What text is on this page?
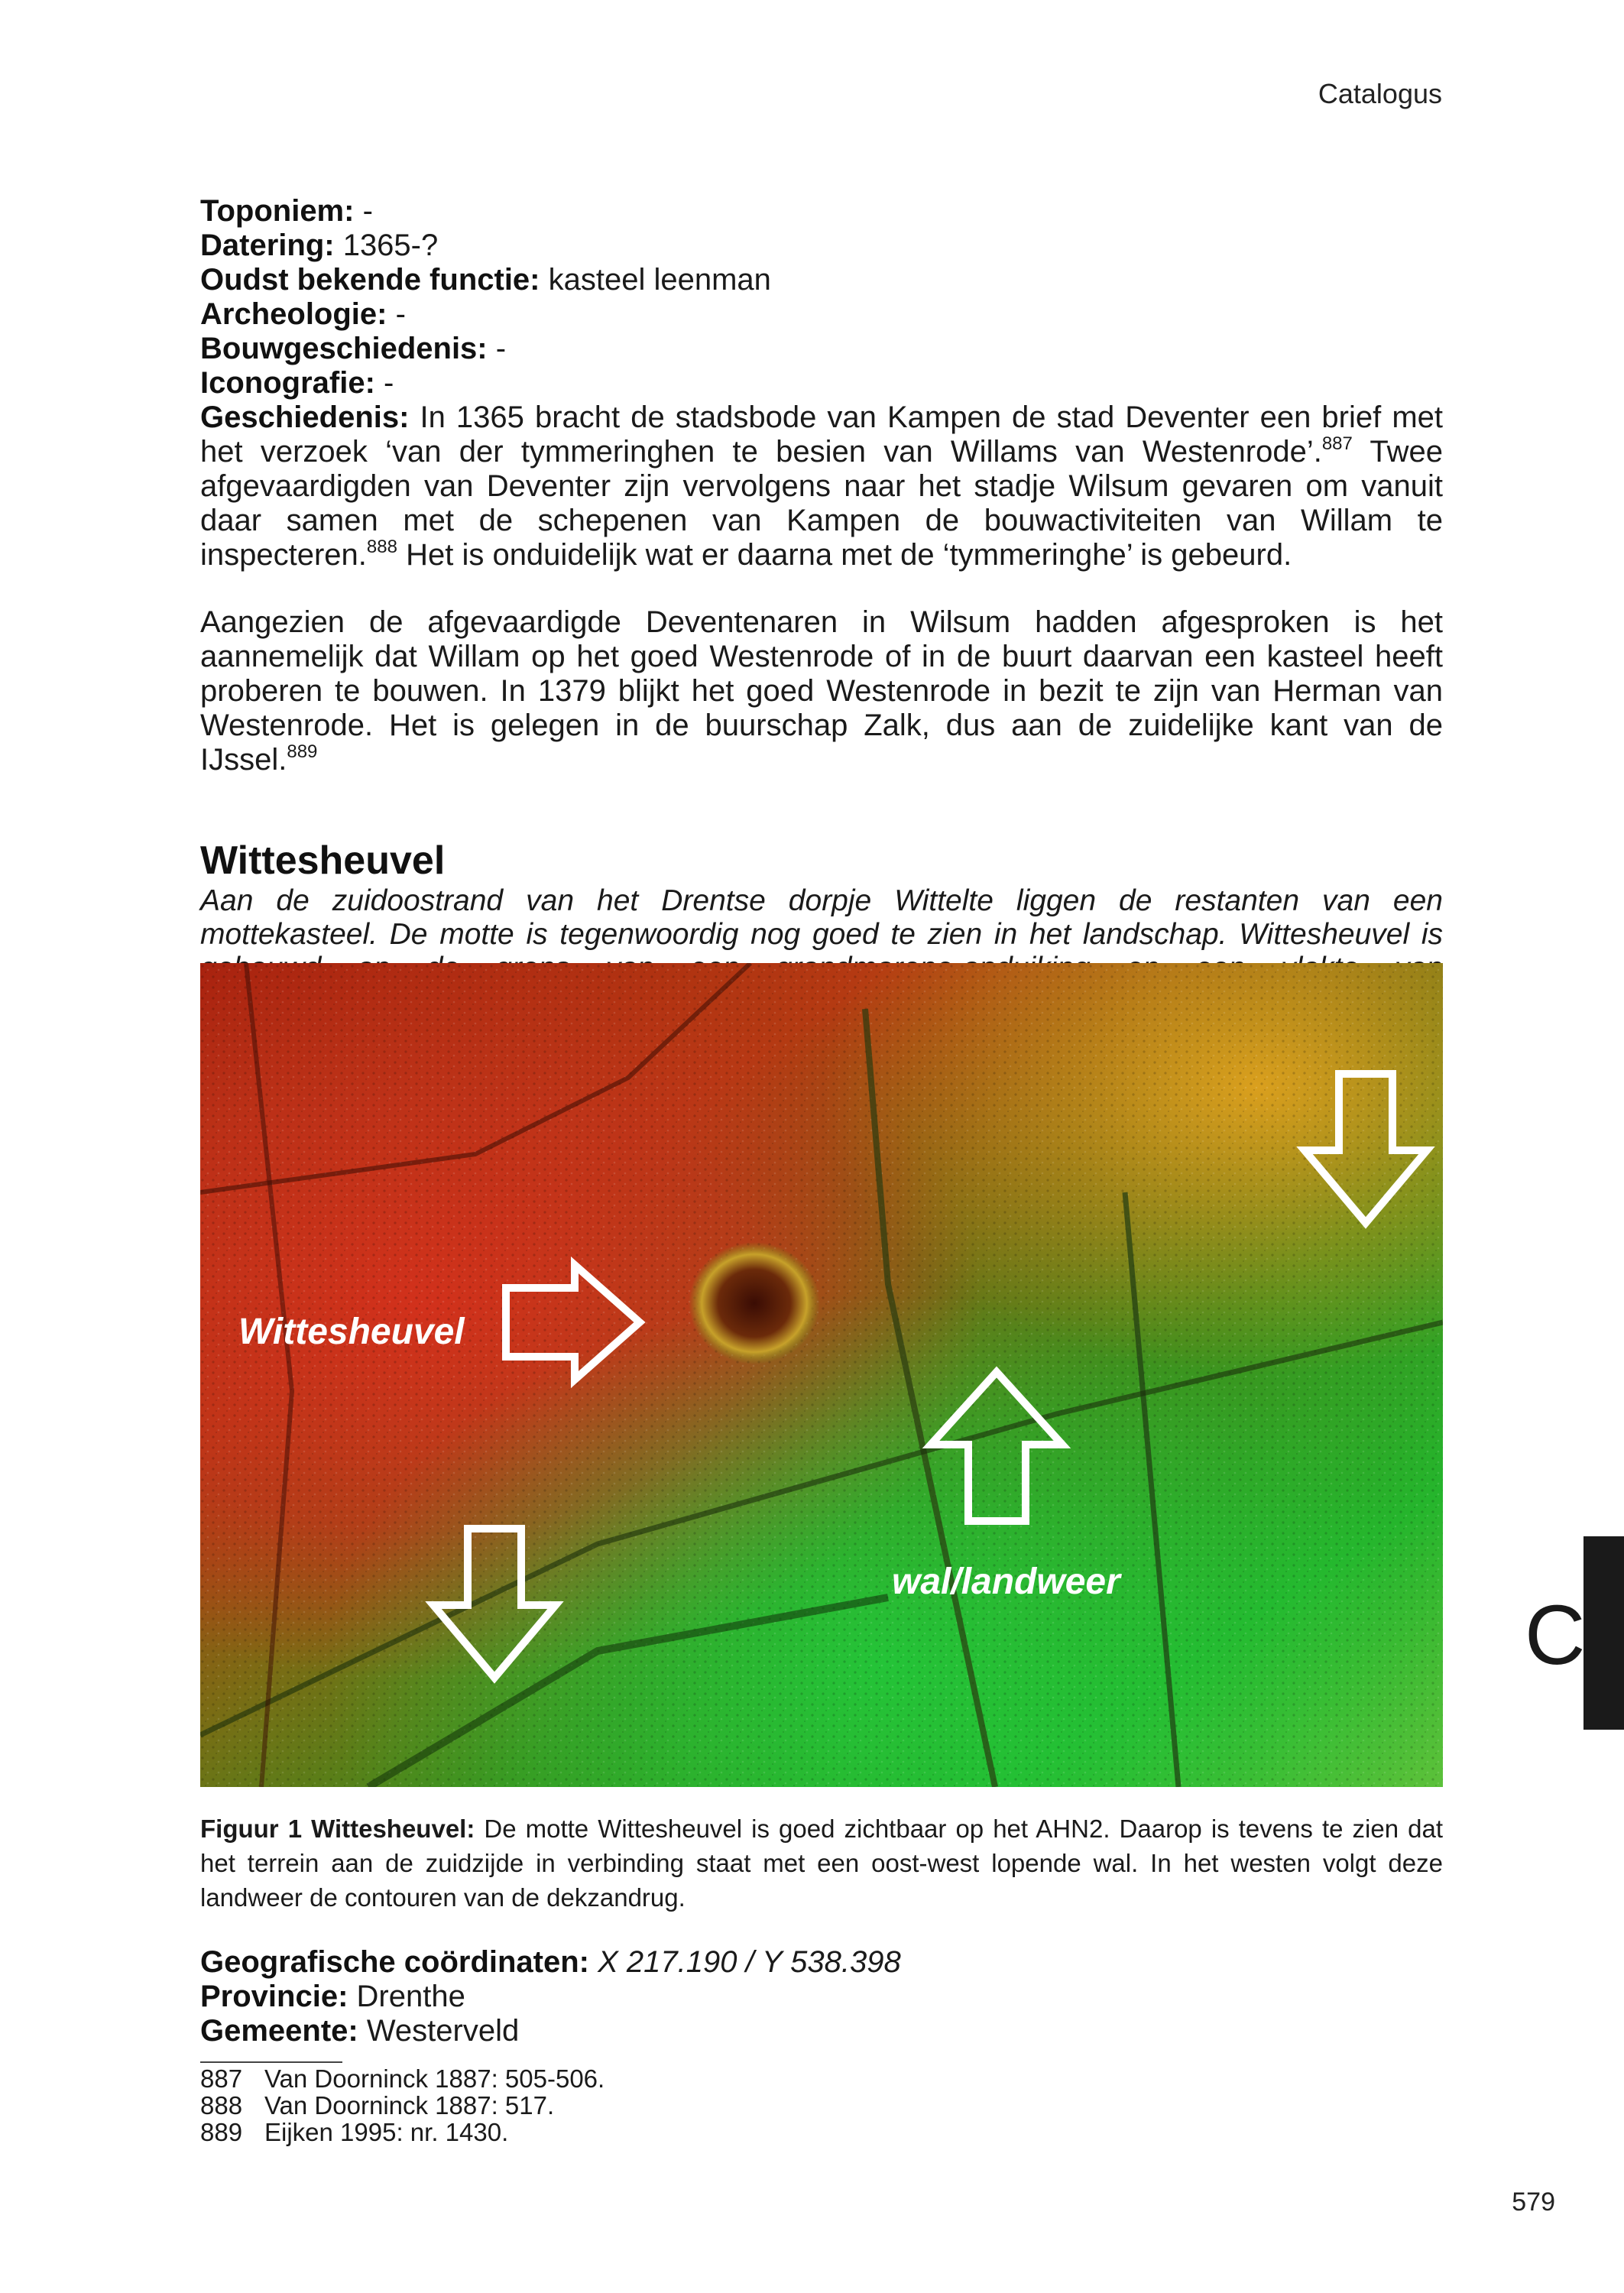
Catalogus

Toponiem: -

Datering: 1365-?

Oudst bekende functie: kasteel leenman

Archeologie: -

Bouwgeschiedenis: -

Iconografie: -

Geschiedenis: In 1365 bracht de stadsbode van Kampen de stad Deventer een brief met het verzoek ‘van der tymmeringhen te besien van Willams van Westenrode’.$^{887}$ Twee afgevaardigden van Deventer zijn vervolgens naar het stadje Wilsum gevaren om vanuit daar samen met de schepenen van Kampen de bouwactiviteiten van Willam te inspecteren.$^{888}$ Het is onduidelijk wat er daarna met de ‘tymmeringhe’ is gebeurd.

Aangezien de afgevaardigde Deventenaren in Wilsum hadden afgesproken is het aannemelijk dat Willam op het goed Westenrode of in de buurt daarvan een kasteel heeft proberen te bouwen. In 1379 blijkt het goed Westenrode in bezit te zijn van Herman van Westenrode. Het is gelegen in de buurschap Zalk, dus aan de zuidelijke kant van de IJssel.$^{889}$

Wittesheuvel

Aan de zuidoostrand van het Drentse dorpje Wittelte liggen de restanten van een mottekasteel. De motte is tegenwoordig nog goed te zien in het landschap. Wittesheuvel is

Wittesheuvel
wal/landweer

Figuur 1 Wittesheuvel: De motte Wittesheuvel is goed zichtbaar op het AHN2. Daarop is tevens te zien dat het terrein aan de zuidzijde in verbinding staat met een oost-west lopende wal. In het westen volgt deze landweer de contouren van de dekzandrug.

Geografische coördinaten: X 217.190 / Y 538.398

Provincie: Drenthe

Gemeente: Westerveld

887 Van Doorninck 1887: 505-506.

888 Van Doorninck 1887: 517.

889 Eijken 1995: nr. 1430.

C
579
